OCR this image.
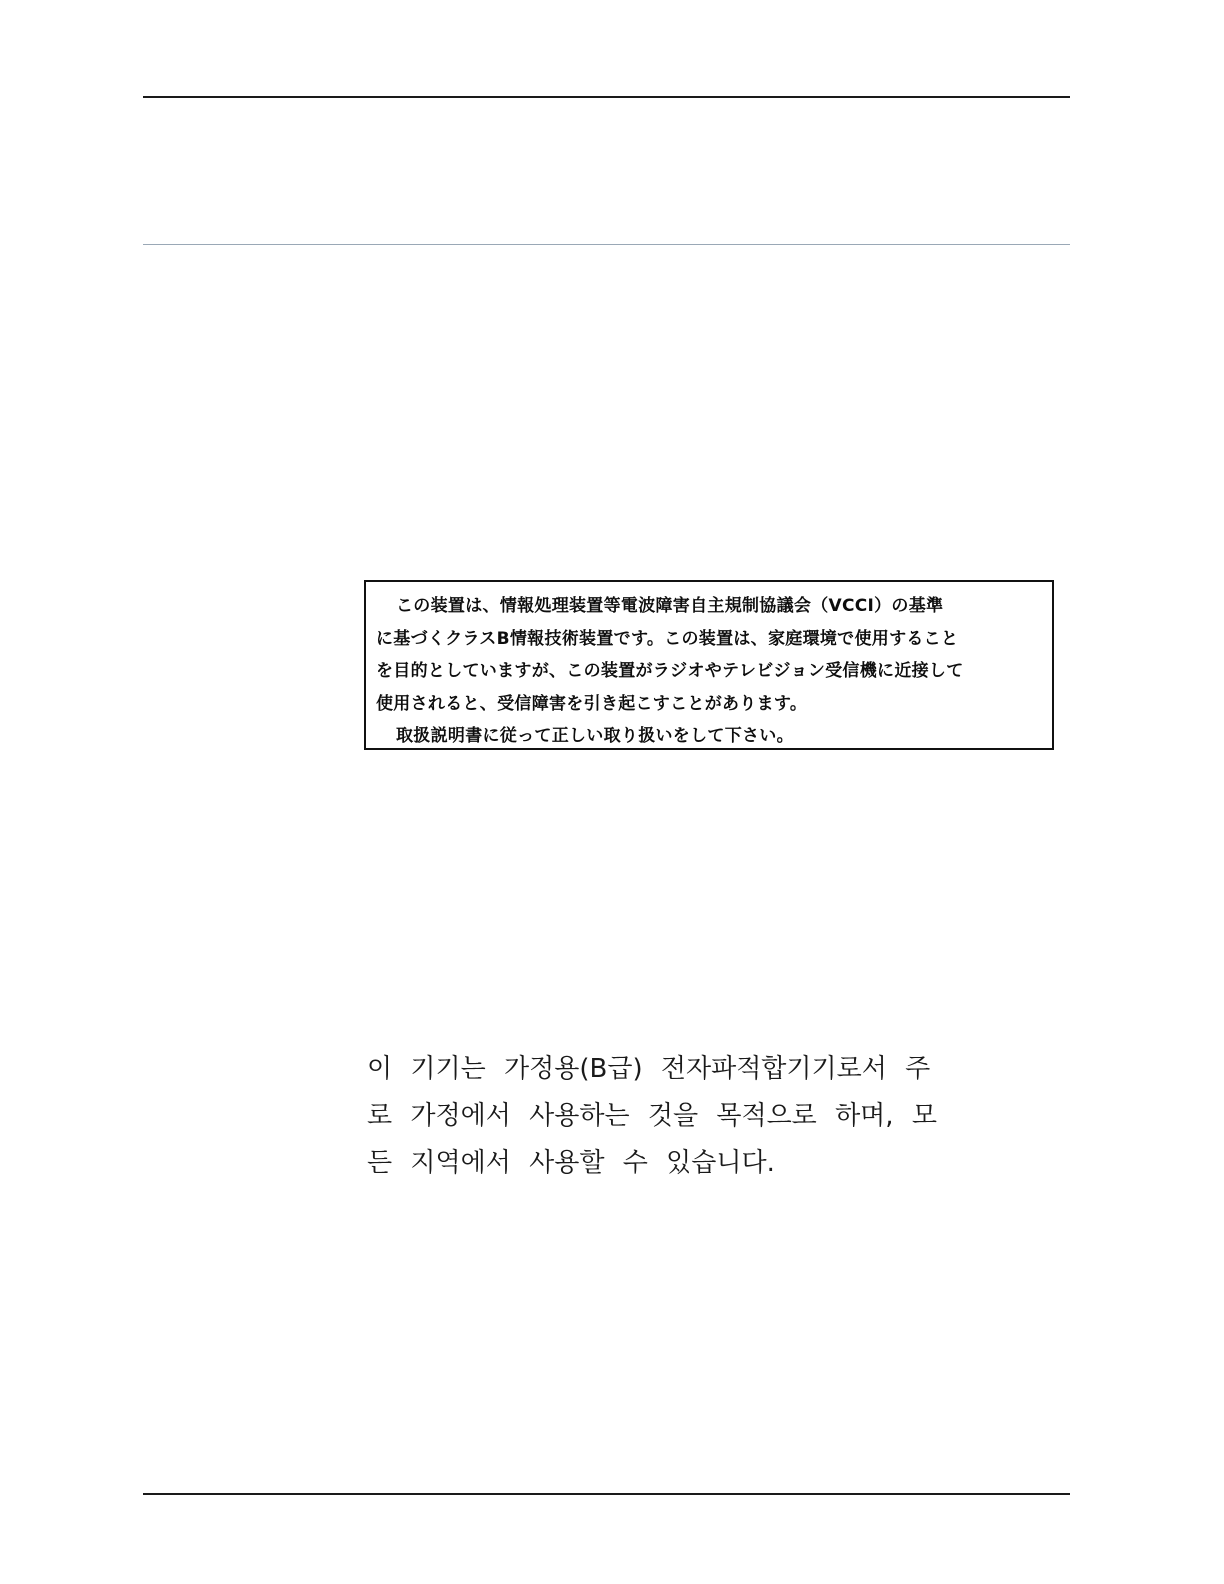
この装置は、情報処理装置等電波障害自主規制協議会（VCCI）の基準
に基づくクラスB情報技術装置です。この装置は、家庭環境で使用すること
を目的としていますが、この装置がラジオやテレビジョン受信機に近接して
使用されると、受信障害を引き起こすことがあります。
取扱説明書に従って正しい取り扱いをして下さい。
이 기기는 가정용(B급) 전자파적합기기로서 주
로 가정에서 사용하는 것을 목적으로 하며, 모
든 지역에서 사용할 수 있습니다.
